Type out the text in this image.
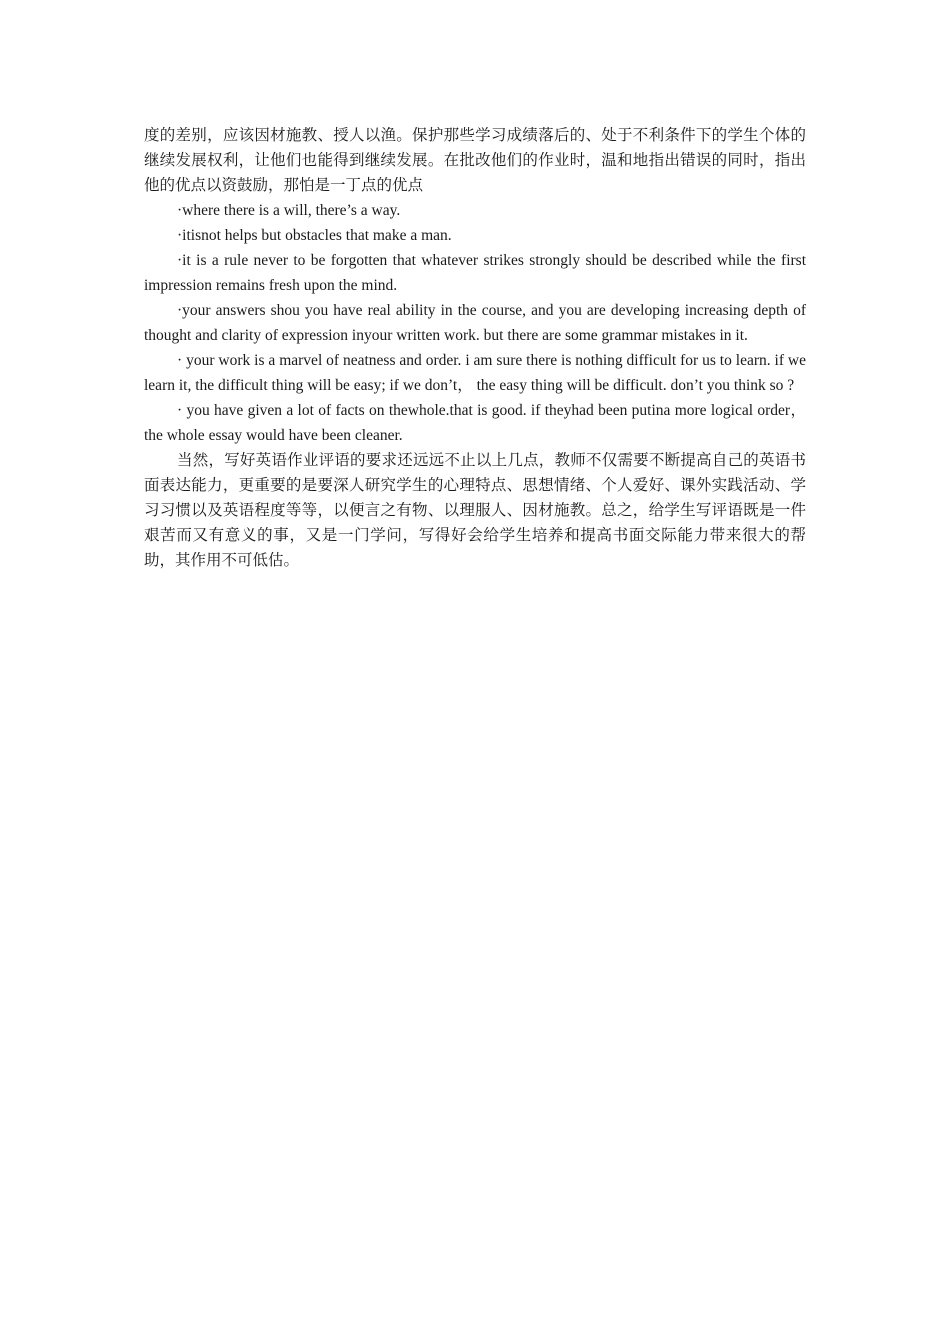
度的差别，应该因材施教、授人以渔。保护那些学习成绩落后的、处于不利条件下的学生个体的继续发展权利，让他们也能得到继续发展。在批改他们的作业时，温和地指出错误的同时，指出他的优点以资鼓励，那怕是一丁点的优点

·where there is a will, there’s a way.

·itisnot helps but obstacles that make a man.

·it is a rule never to be forgotten that whatever strikes strongly should be described while the first impression remains fresh upon the mind.

·your answers shou you have real ability in the course, and you are developing increasing depth of thought and clarity of expression inyour written work. but there are some grammar mistakes in it.

· your work is a marvel of neatness and order. i am sure there is nothing difficult for us to learn. if we learn it, the difficult thing will be easy; if we don’t， the easy thing will be difficult. don’t you think so ?

· you have given a lot of facts on thewhole.that is good. if theyhad been putina more logical order， the whole essay would have been cleaner.

当然，写好英语作业评语的要求还远远不止以上几点，教师不仅需要不断提高自己的英语书面表达能力，更重要的是要深人研究学生的心理特点、思想情绪、个人爱好、课外实践活动、学习习惯以及英语程度等等，以便言之有物、以理服人、因材施教。总之，给学生写评语既是一件艰苦而又有意义的事，又是一门学问，写得好会给学生培养和提高书面交际能力带来很大的帮助，其作用不可低估。
